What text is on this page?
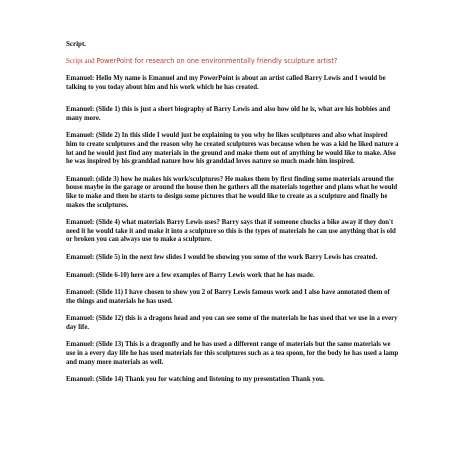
Script.
Script and PowerPoint for research on one environmentally friendly sculpture artist?

Emanuel: Hello My name is Emanuel and my PowerPoint is about an artist called Barry Lewis and I would be talking to you today about him and his work which he has created.

Emanuel: (Slide 1) this is just a short biography of Barry Lewis and also how old he is, what are his hobbies and many more.

Emanuel: (Slide 2) In this slide I would just be explaining to you why he likes sculptures and also what inspired him to create sculptures and the reason why he created sculptures was because when he was a kid he liked nature a lot and he would just find any materials in the ground and make them out of anything he would like to make. Also he was inspired by his granddad nature how his granddad loves nature so much made him inspired.

Emanuel: (slide 3) how he makes his work/sculptures? He makes them by first finding some materials around the house maybe in the garage or around the house then he gathers all the materials together and plans what he would like to make and then he starts to design some pictures that he would like to create as a sculpture and finally he makes the sculptures.

Emanuel: (Slide 4) what materials Barry Lewis uses? Barry says that if someone chucks a bike away if they don't need it he would take it and make it into a sculpture so this is the types of materials he can use anything that is old or broken you can always use to make a sculpture.

Emanuel: (Slide 5) in the next few slides I would be showing you some of the work Barry Lewis has created.

Emanuel: (Slide 6-10) here are a few examples of Barry Lewis work that he has made.

Emanuel: (Slide 11) I have chosen to show you 2 of Barry Lewis famous work and I also have annotated them of the things and materials he has used.

Emanuel: (Slide 12) this is a dragons head and you can see some of the materials he has used that we use in a every day life.

Emanuel: (Slide 13) This is a dragonfly and he has used a different range of materials but the same materials we use in a every day life he has used materials for this sculptures such as a tea spoon, for the body he has used a lamp and many more materials as well.

Emanuel: (Slide 14) Thank you for watching and listening to my presentation Thank you.
